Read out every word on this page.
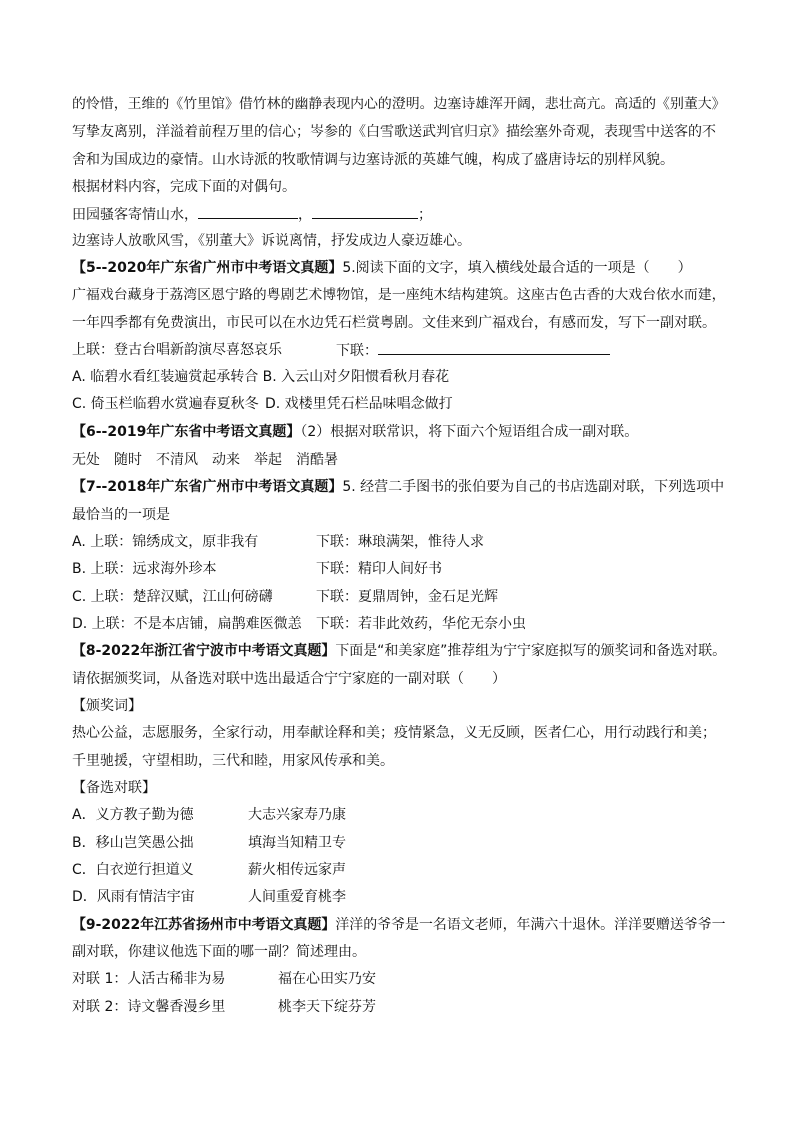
的怜惜，王维的《竹里馆》借竹林的幽静表现内心的澄明。边塞诗雄浑开阔，悲壮高亢。高适的《别董大》
写挚友离别，洋溢着前程万里的信心；岑参的《白雪歌送武判官归京》描绘塞外奇观，表现雪中送客的不
舍和为国成边的豪情。山水诗派的牧歌情调与边塞诗派的英雄气魄，构成了盛唐诗坛的别样风貌。
根据材料内容，完成下面的对偶句。
田园骚客寄情山水，	，	；
边塞诗人放歌风雪，《别董大》诉说离情，抒发成边人豪迈雄心。
【5--2020年广东省广州市中考语文真题】5.阅读下面的文字，填入横线处最合适的一项是（　　）
广福戏台藏身于荔湾区恩宁路的粤剧艺术博物馆，是一座纯木结构建筑。这座古色古香的大戏台依水而建，
一年四季都有免费演出，市民可以在水边凭石栏赏粤剧。文佳来到广福戏台，有感而发，写下一副对联。
上联：登古台唱新韵演尽喜怒哀乐	下联：
A. 临碧水看红装遍赏起承转合 B. 入云山对夕阳惯看秋月春花
C. 倚玉栏临碧水赏遍春夏秋冬 D. 戏楼里凭石栏品味唱念做打
【6--2019年广东省中考语文真题】（2）根据对联常识，将下面六个短语组合成一副对联。
无处　随时　不清风　动来　举起　消酷暑
【7--2018年广东省广州市中考语文真题】5. 经营二手图书的张伯要为自己的书店选副对联，下列选项中
最恰当的一项是
A. 上联：锦绣成文，原非我有	下联：琳琅满架，惟待人求
B. 上联：远求海外珍本	下联：精印人间好书
C. 上联：楚辞汉赋，江山何磅礴	下联：夏鼎周钟，金石足光辉
D. 上联：不是本店铺，扁鹊难医微恙 下联：若非此效药，华佗无奈小虫
【8-2022年浙江省宁波市中考语文真题】下面是“和美家庭”推荐组为宁宁家庭拟写的颁奖词和备选对联。
请依据颁奖词，从备选对联中选出最适合宁宁家庭的一副对联（　　）
【颁奖词】
热心公益，志愿服务，全家行动，用奉献诠释和美；疫情紧急，义无反顾，医者仁心，用行动践行和美；
千里驰援，守望相助，三代和睦，用家风传承和美。
【备选对联】
A．义方教子勤为德	大志兴家寿乃康
B．移山岂笑愚公拙	填海当知精卫专
C．白衣逆行担道义	薪火相传远家声
D．风雨有情洁宇宙	人间重爱育桃李
【9-2022年江苏省扬州市中考语文真题】洋洋的爷爷是一名语文老师，年满六十退休。洋洋要赠送爷爷一
副对联，你建议他选下面的哪一副？简述理由。
对联 1：人活古稀非为易	福在心田实乃安
对联 2：诗文馨香漫乡里	桃李天下绽芬芳
